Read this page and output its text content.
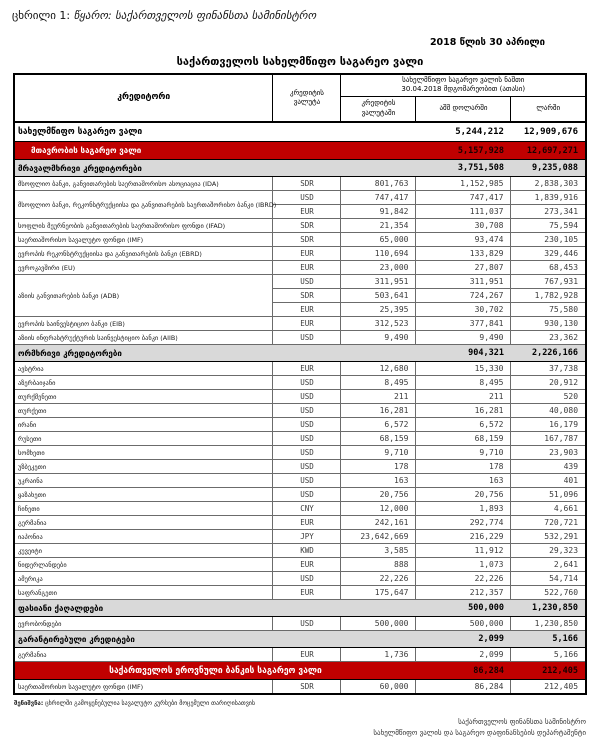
ცხრილი 1: წყარო: საქართველოს ფინანსთა სამინისტრო
2018 წლის 30 აპრილი
საქართველოს სახელმწიფო საგარეო ვალი
კრედიტორი	კრედიტის ვალუტა	სახელმწიფო საგარეო ვალის ნაშთი
30.04.2018 მდგომარეობით (ათასი)		
		კრედიტის ვალუტაში	აშშ დოლარში	ლარში
სახელმწიფო საგარეო ვალი			5,244,212	12,909,676
მთავრობის საგარეო ვალი			5,157,928	12,697,271
მრავალმხრივი კრედიტორები			3,751,508	9,235,088
მსოფლიო ბანკი, განვითარების საერთაშორისო ასოციაცია (IDA)	SDR	801,763	1,152,985	2,838,303
მსოფლიო ბანკი, რეკონსტრუქციისა და განვითარების საერთაშორისო ბანკი (IBRD)	USD	747,417	747,417	1,839,916
	EUR	91,842	111,037	273,341
სოფლის მეურნეობის განვითარების საერთაშორისო ფონდი (IFAD)	SDR	21,354	30,708	75,594
საერთაშორისო სავალუტო ფონდი (IMF)	SDR	65,000	93,474	230,105
ევროპის რეკონსტრუქციისა და განვითარების ბანკი (EBRD)	EUR	110,694	133,829	329,446
ევროკავშირი (EU)	EUR	23,000	27,807	68,453
აზიის განვითარების ბანკი (ADB)	USD	311,951	311,951	767,931
	SDR	503,641	724,267	1,782,928
	EUR	25,395	30,702	75,580
ევროპის საინვესტიციო ბანკი (EIB)	EUR	312,523	377,841	930,130
აზიის ინფრასტრუქტურის საინვესტიციო ბანკი (AIIB)	USD	9,490	9,490	23,362
ორმხრივი კრედიტორები			904,321	2,226,166
ავსტრია	EUR	12,680	15,330	37,738
აზერბაიჯანი	USD	8,495	8,495	20,912
თურქმენეთი	USD	211	211	520
თურქეთი	USD	16,281	16,281	40,080
ირანი	USD	6,572	6,572	16,179
რუსეთი	USD	68,159	68,159	167,787
სომხეთი	USD	9,710	9,710	23,903
უზბეკეთი	USD	178	178	439
უკრაინა	USD	163	163	401
ყაზახეთი	USD	20,756	20,756	51,096
ჩინეთი	CNY	12,000	1,893	4,661
გერმანია	EUR	242,161	292,774	720,721
იაპონია	JPY	23,642,669	216,229	532,291
კუვეიტი	KWD	3,585	11,912	29,323
ნიდერლანდები	EUR	888	1,073	2,641
ამერიკა	USD	22,226	22,226	54,714
საფრანგეთი	EUR	175,647	212,357	522,760
ფასიანი ქაღალდები			500,000	1,230,850
ევრობონდები	USD	500,000	500,000	1,230,850
გარანტირებული კრედიტები			2,099	5,166
გერმანია	EUR	1,736	2,099	5,166
საქართველოს ეროვნული ბანკის საგარეო ვალი			86,284	212,405
საერთაშორისო სავალუტო ფონდი (IMF)	SDR	60,000	86,284	212,405
შენიშვნა: ცხრილში გამოყენებულია სავალუტო კურსები მოცემული თარიღისათვის
საქართველოს ფინანსთა სამინისტრო
სახელმწიფო ვალის და საგარეო დაფინანსების დეპარტამენტი
